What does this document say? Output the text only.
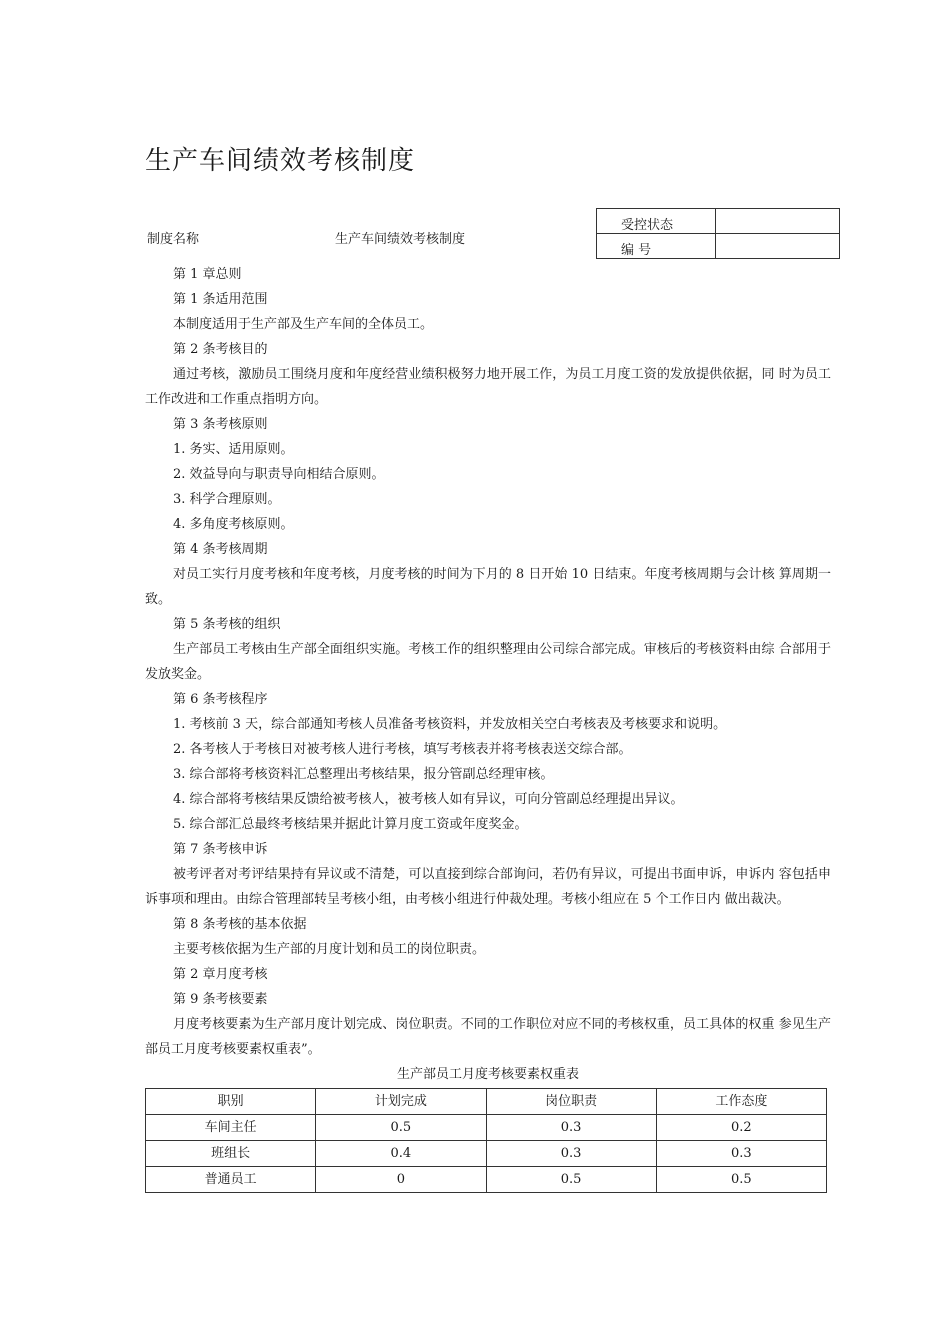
生产车间绩效考核制度
制度名称	生产车间绩效考核制度
受控状态	
编 号	

第 1 章总则

第 1 条适用范围

本制度适用于生产部及生产车间的全体员工。

第 2 条考核目的

通过考核，激励员工围绕月度和年度经营业绩积极努力地开展工作，为员工月度工资的发放提供依据，同 时为员工工作改进和工作重点指明方向。

第 3 条考核原则

1. 务实、适用原则。

2. 效益导向与职责导向相结合原则。

3. 科学合理原则。

4. 多角度考核原则。

第 4 条考核周期

对员工实行月度考核和年度考核，月度考核的时间为下月的 8 日开始 10 日结束。年度考核周期与会计核 算周期一致。

第 5 条考核的组织

生产部员工考核由生产部全面组织实施。考核工作的组织整理由公司综合部完成。审核后的考核资料由综 合部用于发放奖金。

第 6 条考核程序

1. 考核前 3 天，综合部通知考核人员准备考核资料，并发放相关空白考核表及考核要求和说明。

2. 各考核人于考核日对被考核人进行考核，填写考核表并将考核表送交综合部。

3. 综合部将考核资料汇总整理出考核结果，报分管副总经理审核。

4. 综合部将考核结果反馈给被考核人，被考核人如有异议，可向分管副总经理提出异议。

5. 综合部汇总最终考核结果并据此计算月度工资或年度奖金。

第 7 条考核申诉

被考评者对考评结果持有异议或不清楚，可以直接到综合部询问，若仍有异议，可提出书面申诉，申诉内 容包括申诉事项和理由。由综合管理部转呈考核小组，由考核小组进行仲裁处理。考核小组应在 5 个工作日内 做出裁决。

第 8 条考核的基本依据

主要考核依据为生产部的月度计划和员工的岗位职责。

第 2 章月度考核

第 9 条考核要素

月度考核要素为生产部月度计划完成、岗位职责。不同的工作职位对应不同的考核权重，员工具体的权重 参见生产部员工月度考核要素权重表”。

生产部员工月度考核要素权重表
职别	计划完成	岗位职责	工作态度
车间主任	0.5	0.3	0.2
班组长	0.4	0.3	0.3
普通员工	0	0.5	0.5
